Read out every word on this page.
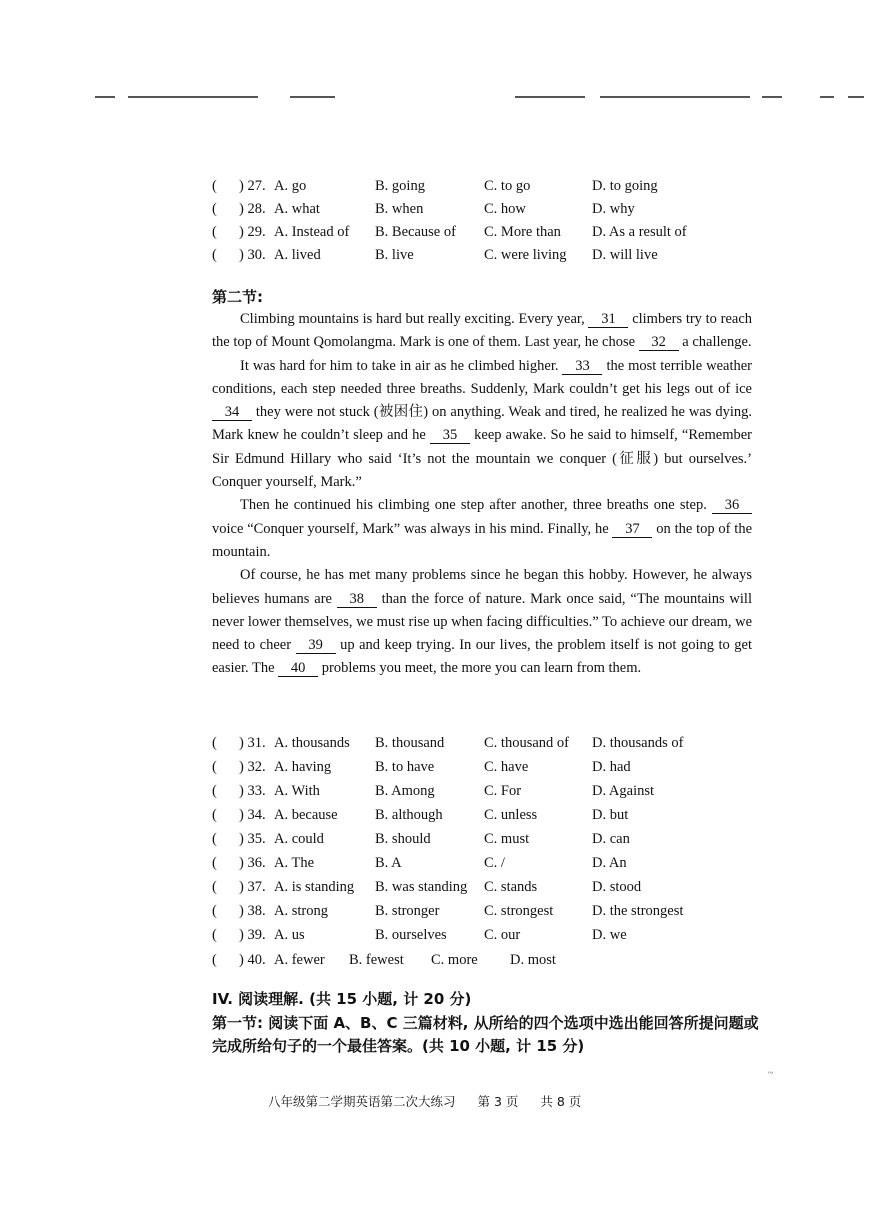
( ) 27. A. go	B. going	C. to go	D. to going
( ) 28. A. what	B. when	C. how	D. why
( ) 29. A. Instead of B. Because of C. More than D. As a result of
( ) 30. A. lived	B. live	C. were living D. will live
第二节:

Climbing mountains is hard but really exciting. Every year, 31 climbers try to reach the top of Mount Qomolangma. Mark is one of them. Last year, he chose 32 a challenge.

It was hard for him to take in air as he climbed higher. 33 the most terrible weather conditions, each step needed three breaths. Suddenly, Mark couldn’t get his legs out of ice 34 they were not stuck (被困住) on anything. Weak and tired, he realized he was dying. Mark knew he couldn’t sleep and he 35 keep awake. So he said to himself, “Remember Sir Edmund Hillary who said ‘It’s not the mountain we conquer (征服) but ourselves.’ Conquer yourself, Mark.”

Then he continued his climbing one step after another, three breaths one step. 36 voice “Conquer yourself, Mark” was always in his mind. Finally, he 37 on the top of the mountain.

Of course, he has met many problems since he began this hobby. However, he always believes humans are 38 than the force of nature. Mark once said, “The mountains will never lower themselves, we must rise up when facing difficulties.” To achieve our dream, we need to cheer 39 up and keep trying. In our lives, the problem itself is not going to get easier. The 40 problems you meet, the more you can learn from them.

( ) 31. A. thousands B. thousand	C. thousand of D. thousands of
( ) 32. A. having	B. to have	C. have	D. had
( ) 33. A. With	B. Among	C. For	D. Against
( ) 34. A. because	B. although	C. unless	D. but
( ) 35. A. could	B. should	C. must	D. can
( ) 36. A. The	B. A	C. /	D. An
( ) 37. A. is standing B. was standing C. stands	D. stood
( ) 38. A. strong	B. stronger	C. strongest	D. the strongest
( ) 39. A. us	B. ourselves	C. our	D. we
( ) 40. A. fewer B. fewest C. more D. most
IV. 阅读理解. (共 15 小题, 计 20 分)
第一节: 阅读下面 A、B、C 三篇材料, 从所给的四个选项中选出能回答所提问题或完成所给句子的一个最佳答案。(共 10 小题, 计 15 分)
~
八年级第二学期英语第二次大练习 第 3 页 共 8 页
